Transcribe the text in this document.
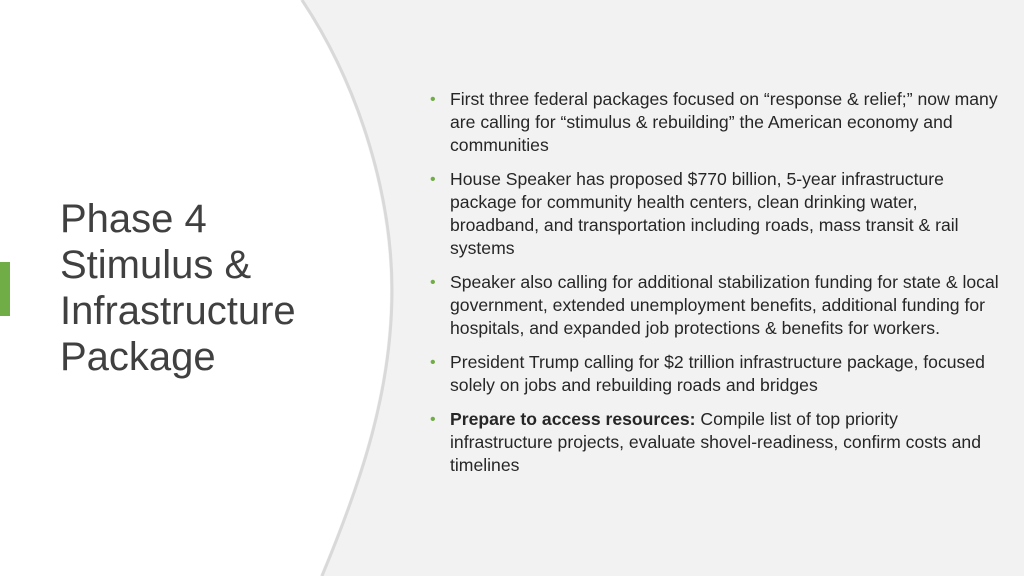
Phase 4
Stimulus &
Infrastructure
Package
• First three federal packages focused on “response & relief;” now many are calling for “stimulus & rebuilding” the American economy and communities
• House Speaker has proposed $770 billion, 5-year infrastructure package for community health centers, clean drinking water, broadband, and transportation including roads, mass transit & rail systems
• Speaker also calling for additional stabilization funding for state & local government, extended unemployment benefits, additional funding for hospitals, and expanded job protections & benefits for workers.
• President Trump calling for $2 trillion infrastructure package, focused solely on jobs and rebuilding roads and bridges
• Prepare to access resources: Compile list of top priority infrastructure projects, evaluate shovel-readiness, confirm costs and timelines
